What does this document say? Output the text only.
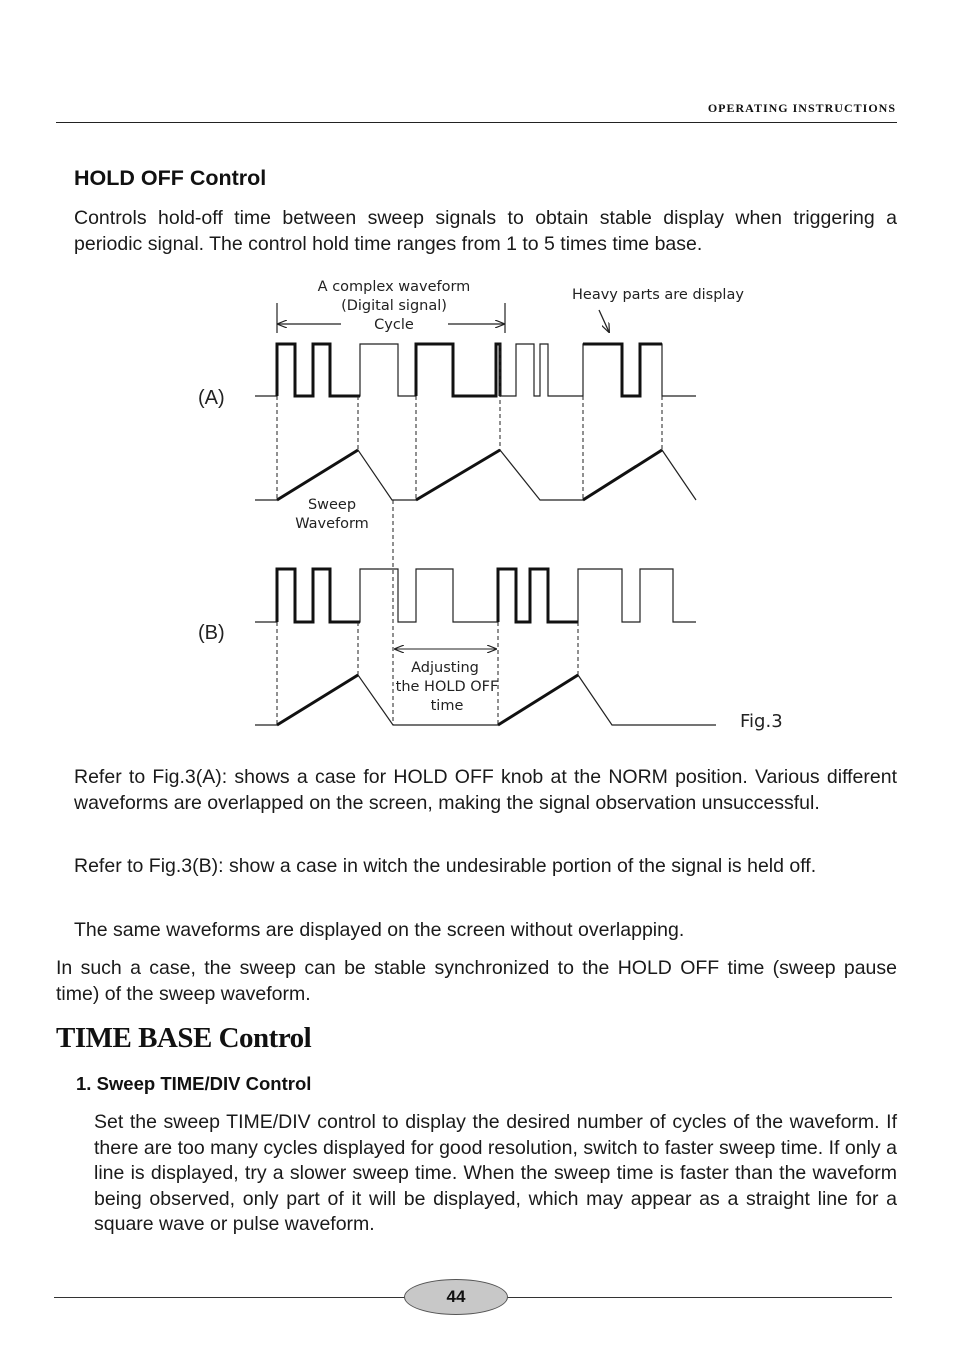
OPERATING INSTRUCTIONS
HOLD OFF Control
Controls hold-off time between sweep signals to obtain stable display when triggering a periodic signal. The control hold time ranges from 1 to 5 times time base.
A complex waveform
(Digital signal)
Cycle
Heavy parts are display
(A)
(B)
Sweep
Waveform
Adjusting
the HOLD OFF
time
Fig.3
Refer to Fig.3(A): shows a case for HOLD OFF knob at the NORM position. Various different waveforms are overlapped on the screen, making the signal observation unsuccessful.
Refer to Fig.3(B): show a case in witch the undesirable portion of the signal is held off.
The same waveforms are displayed on the screen without overlapping.
In such a case, the sweep can be stable synchronized to the HOLD OFF time (sweep pause time) of the sweep waveform.
TIME BASE Control
1. Sweep TIME/DIV Control
Set the sweep TIME/DIV control to display the desired number of cycles of the waveform. If there are too many cycles displayed for good resolution, switch to faster sweep time. If only a line is displayed, try a slower sweep time. When the sweep time is faster than the waveform being observed, only part of it will be displayed, which may appear as a straight line for a square wave or pulse waveform.
44
